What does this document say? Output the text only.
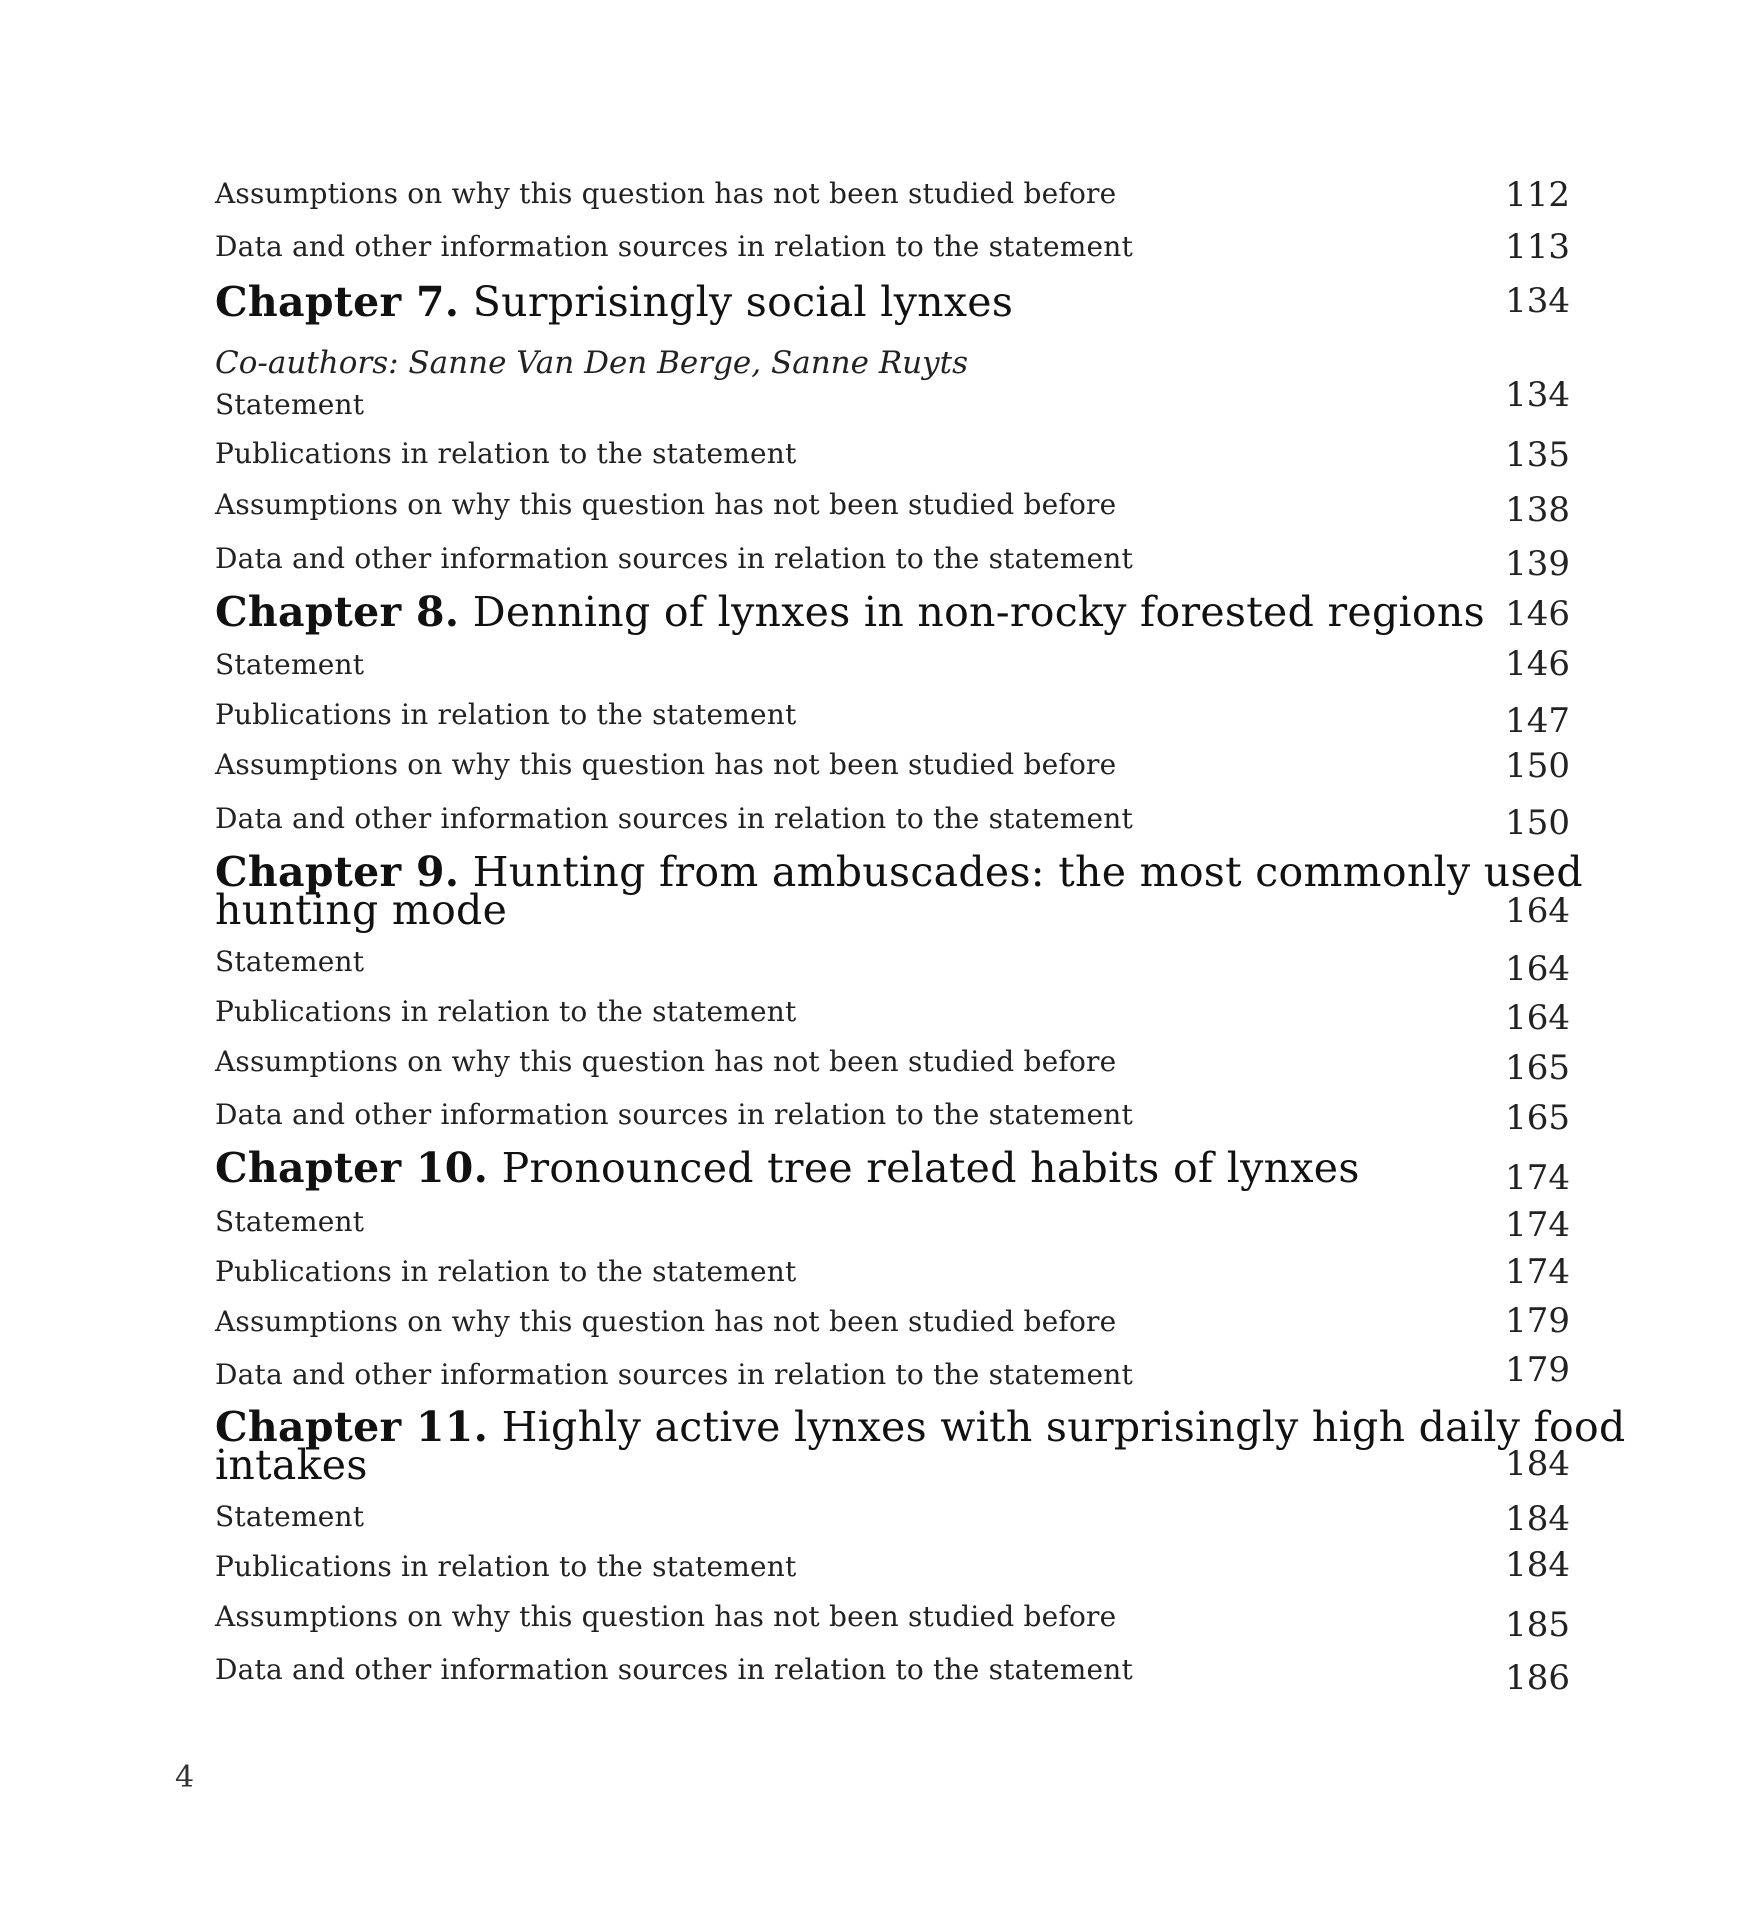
Assumptions on why this question has not been studied before	112
Data and other information sources in relation to the statement	113
Chapter 7. Surprisingly social lynxes	134
Co-authors: Sanne Van Den Berge, Sanne Ruyts
Statement	134
Publications in relation to the statement	135
Assumptions on why this question has not been studied before	138
Data and other information sources in relation to the statement	139
Chapter 8. Denning of lynxes in non-rocky forested regions 146
Statement	146
Publications in relation to the statement	147
Assumptions on why this question has not been studied before	150
Data and other information sources in relation to the statement	150
Chapter 9. Hunting from ambuscades: the most commonly used
hunting mode	164
Statement	164
Publications in relation to the statement	164
Assumptions on why this question has not been studied before	165
Data and other information sources in relation to the statement	165
Chapter 10. Pronounced tree related habits of lynxes	174
Statement	174
Publications in relation to the statement	174
Assumptions on why this question has not been studied before	179
Data and other information sources in relation to the statement	179
Chapter 11. Highly active lynxes with surprisingly high daily food
intakes	184
Statement	184
Publications in relation to the statement	184
Assumptions on why this question has not been studied before	185
Data and other information sources in relation to the statement	186
4
